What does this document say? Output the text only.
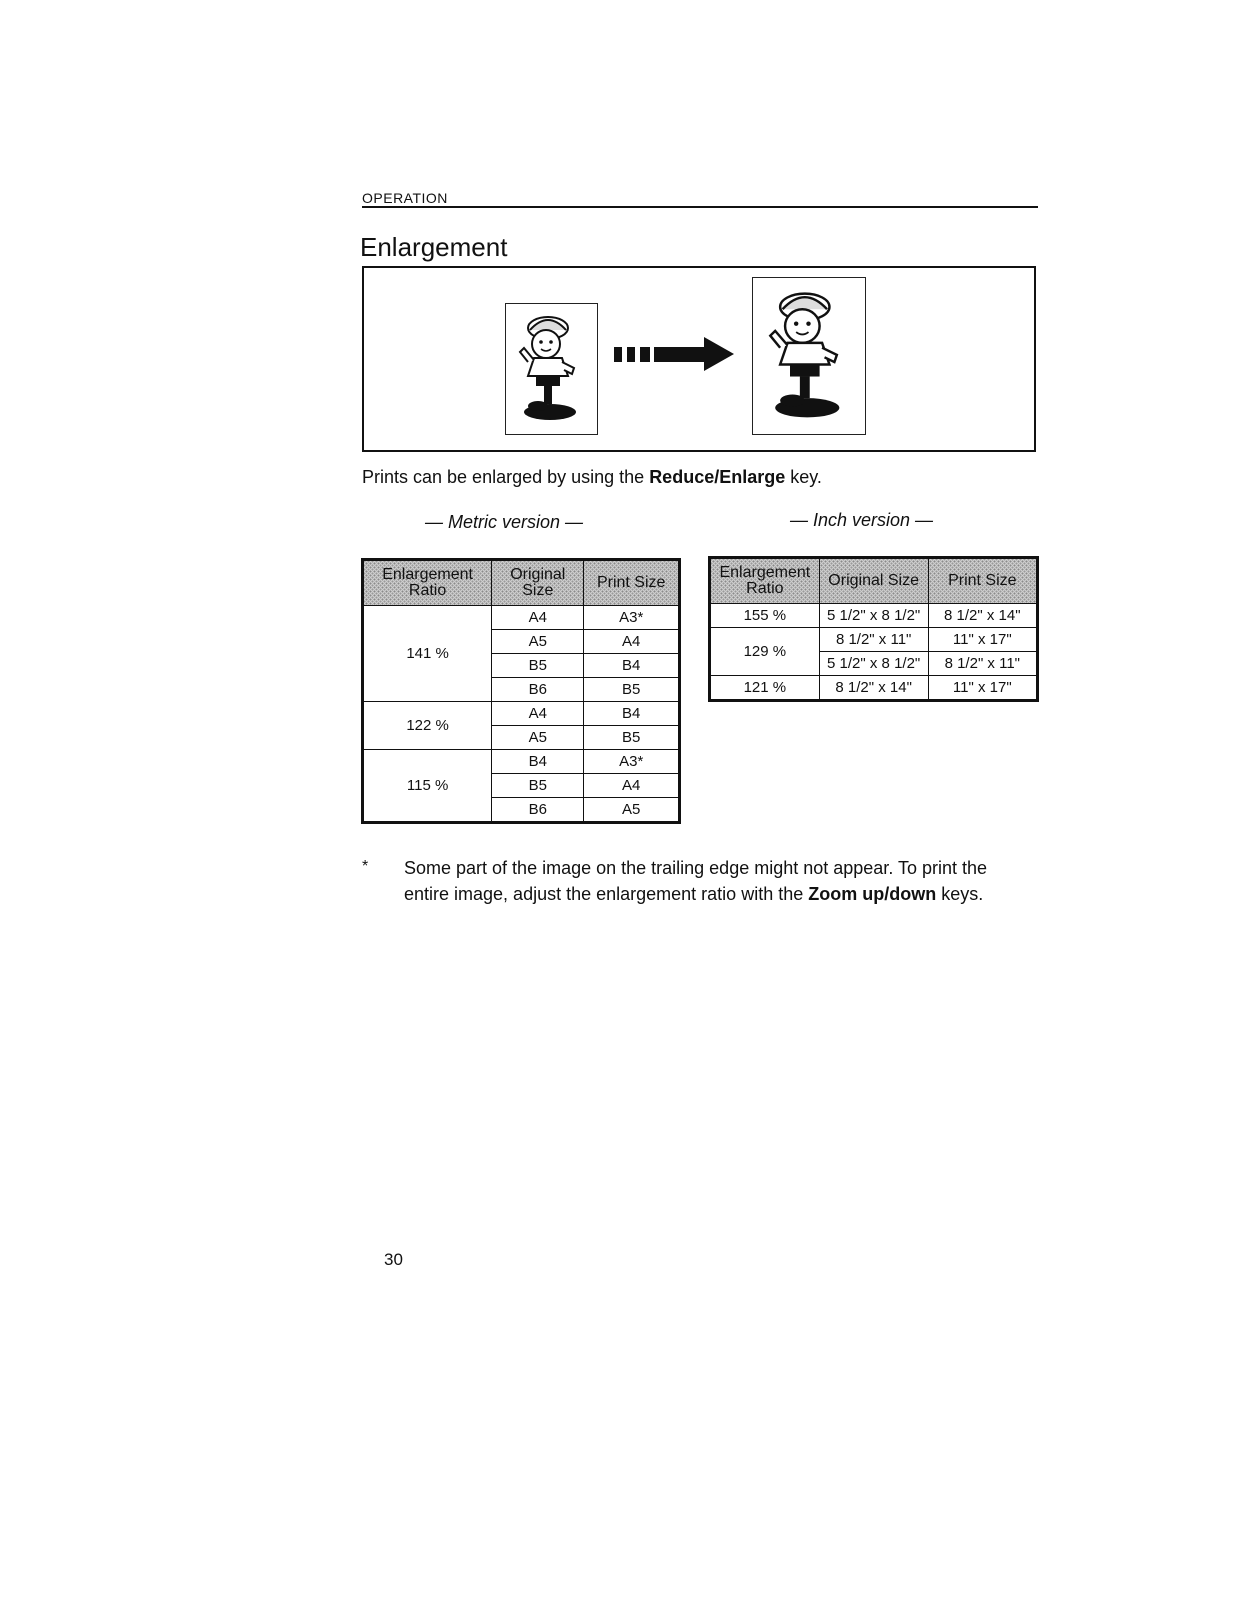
OPERATION
Enlargement
Prints can be enlarged by using the Reduce/Enlarge key.
— Metric version —	— Inch version —
Enlargement Ratio	Original Size	Print Size
141 %	A4	A3*
	A5	A4
	B5	B4
	B6	B5
122 %	A4	B4
	A5	B5
115 %	B4	A3*
	B5	A4
	B6	A5
Enlargement Ratio	Original Size	Print Size
155 %	5 1/2" x 8 1/2"	8 1/2" x 14"
129 %	8 1/2" x 11"	11" x 17"
	5 1/2" x 8 1/2"	8 1/2" x 11"
121 %	8 1/2" x 14"	11" x 17"
* Some part of the image on the trailing edge might not appear. To print the entire image, adjust the enlargement ratio with the Zoom up/down keys.
30
